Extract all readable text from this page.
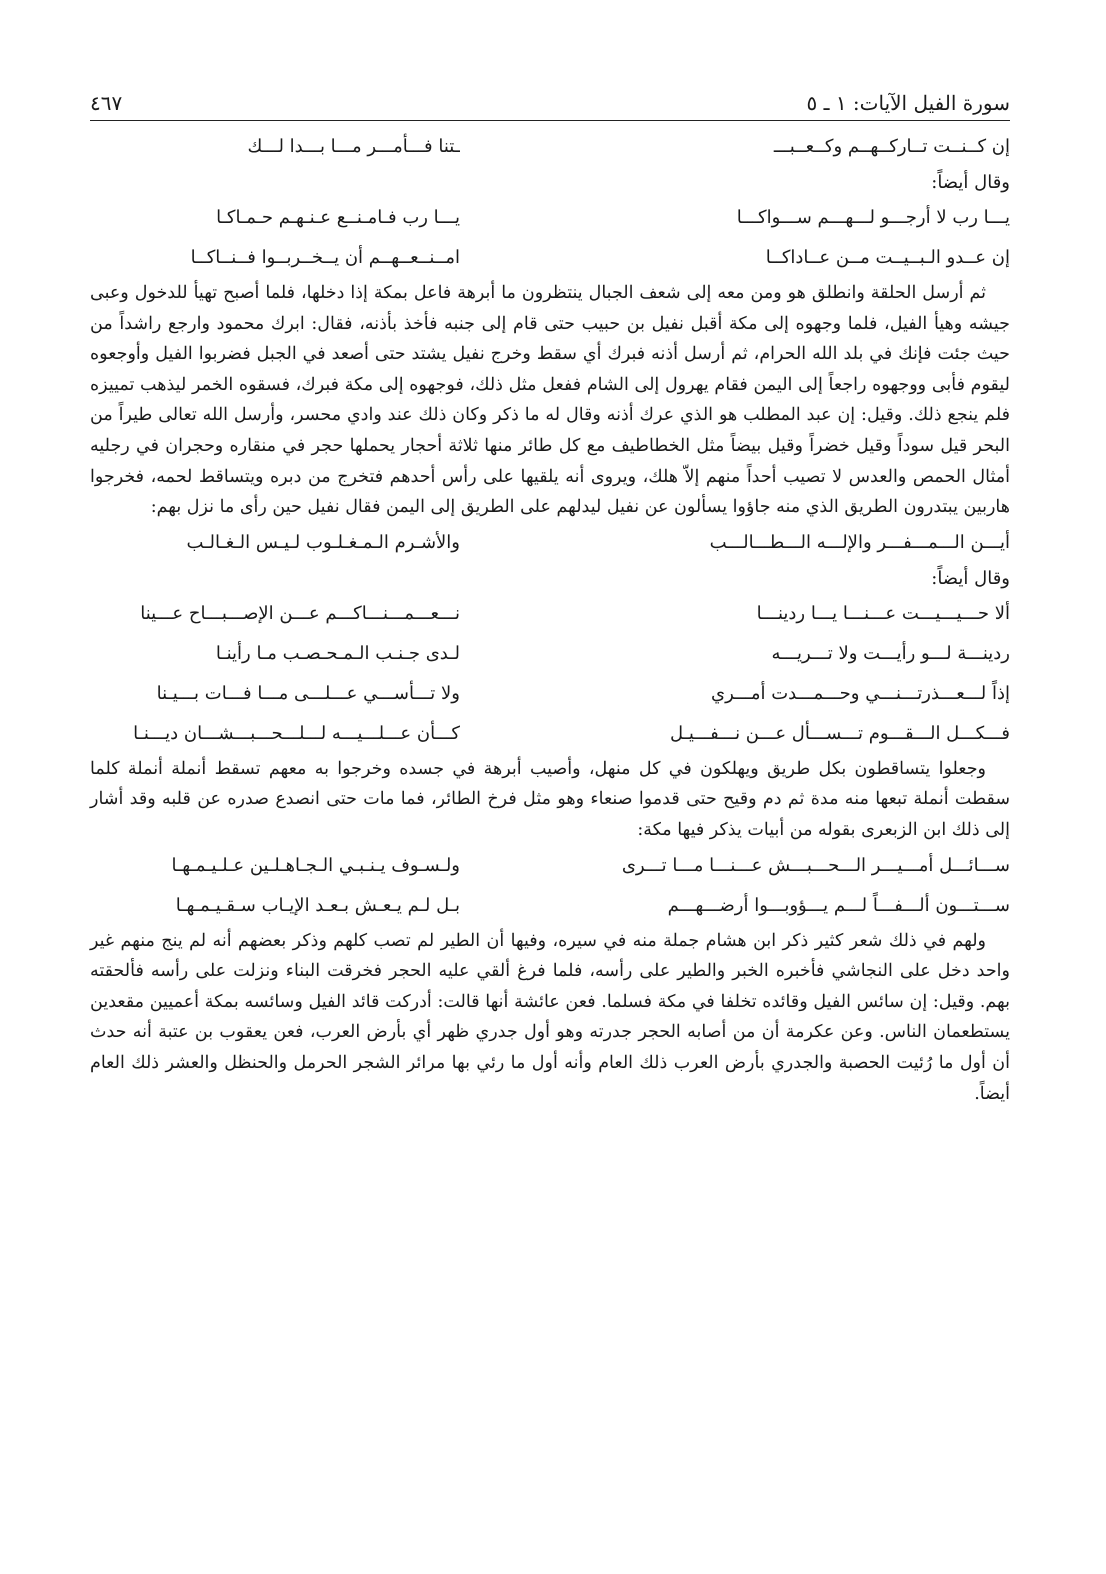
سورة الفيل الآيات: ١ ـ ٥
٤٦٧
إن كــنــت تــاركــهــم وكــعــبـــ
ـتنا فـــأمـــر مـــا بـــدا لـــك

وقال أيضاً:

يـــا رب لا أرجـــو لـــهـــم ســـواكـــا
يـــا رب فـامـنــع عـنـهـم حـمـاكـا
إن عــدو الـبــيــت مــن عــاداكــا
امــنــعــهــم أن يــخــربــوا فــنــاكــا

ثم أرسل الحلقة وانطلق هو ومن معه إلى شعف الجبال ينتظرون ما أبرهة فاعل بمكة إذا دخلها، فلما أصبح تهيأ للدخول وعبى جيشه وهيأ الفيل، فلما وجهوه إلى مكة أقبل نفيل بن حبيب حتى قام إلى جنبه فأخذ بأذنه، فقال: ابرك محمود وارجع راشداً من حيث جئت فإنك في بلد الله الحرام، ثم أرسل أذنه فبرك أي سقط وخرج نفيل يشتد حتى أصعد في الجبل فضربوا الفيل وأوجعوه ليقوم فأبى ووجهوه راجعاً إلى اليمن فقام يهرول إلى الشام ففعل مثل ذلك، فوجهوه إلى مكة فبرك، فسقوه الخمر ليذهب تمييزه فلم ينجع ذلك. وقيل: إن عبد المطلب هو الذي عرك أذنه وقال له ما ذكر وكان ذلك عند وادي محسر، وأرسل الله تعالى طيراً من البحر قيل سوداً وقيل خضراً وقيل بيضاً مثل الخطاطيف مع كل طائر منها ثلاثة أحجار يحملها حجر في منقاره وحجران في رجليه أمثال الحمص والعدس لا تصيب أحداً منهم إلاّ هلك، ويروى أنه يلقيها على رأس أحدهم فتخرج من دبره ويتساقط لحمه، فخرجوا هاربين يبتدرون الطريق الذي منه جاؤوا يسألون عن نفيل ليدلهم على الطريق إلى اليمن فقال نفيل حين رأى ما نزل بهم:

أيـــن الـــمـــفـــر والإلـــه الـــطـــالـــب
والأشـرم الـمـغـلـوب لـيـس الـغـالـب

وقال أيضاً:

ألا حـــيـــيـــت عـــنـــا يـــا ردينـــا
نـــعـــمـــنـــاكـــم عـــن الإصـــبـــاح عـــينا
ردينـــة لـــو رأيـــت ولا تـــريـــه
لـدى جـنـب الـمـحـصـب مـا رأينـا
إذاً لـــعـــذرتـــنـــي وحـــمـــدت أمـــري
ولا تـــأســـي عـــلـــى مـــا فـــات بـــيـنا
فـــكـــل الـــقـــوم تـــســـأل عـــن نـــفـــيـل
كـــأن عـــلـــيـــه لـــلـــحـــبـــشـــان ديـــنـا

وجعلوا يتساقطون بكل طريق ويهلكون في كل منهل، وأصيب أبرهة في جسده وخرجوا به معهم تسقط أنملة أنملة كلما سقطت أنملة تبعها منه مدة ثم دم وقيح حتى قدموا صنعاء وهو مثل فرخ الطائر، فما مات حتى انصدع صدره عن قلبه وقد أشار إلى ذلك ابن الزبعرى بقوله من أبيات يذكر فيها مكة:

ســـائـــل أمـــيـــر الـــحـــبـــش عـــنـــا مـــا تـــرى
ولـسـوف يـنـبـي الـجـاهـلـين عـلـيـمـهـا
ســـتـــون ألـــفـــاً لـــم يـــؤوبـــوا أرضـــهـــم
بـل لـم يـعـش بـعـد الإيـاب سـقـيـمـهـا

ولهم في ذلك شعر كثير ذكر ابن هشام جملة منه في سيره، وفيها أن الطير لم تصب كلهم وذكر بعضهم أنه لم ينج منهم غير واحد دخل على النجاشي فأخبره الخبر والطير على رأسه، فلما فرغ ألقي عليه الحجر فخرقت البناء ونزلت على رأسه فألحقته بهم. وقيل: إن سائس الفيل وقائده تخلفا في مكة فسلما. فعن عائشة أنها قالت: أدركت قائد الفيل وسائسه بمكة أعميين مقعدين يستطعمان الناس. وعن عكرمة أن من أصابه الحجر جدرته وهو أول جدري ظهر أي بأرض العرب، فعن يعقوب بن عتبة أنه حدث أن أول ما رُئيت الحصبة والجدري بأرض العرب ذلك العام وأنه أول ما رئي بها مرائر الشجر الحرمل والحنظل والعشر ذلك العام أيضاً.
